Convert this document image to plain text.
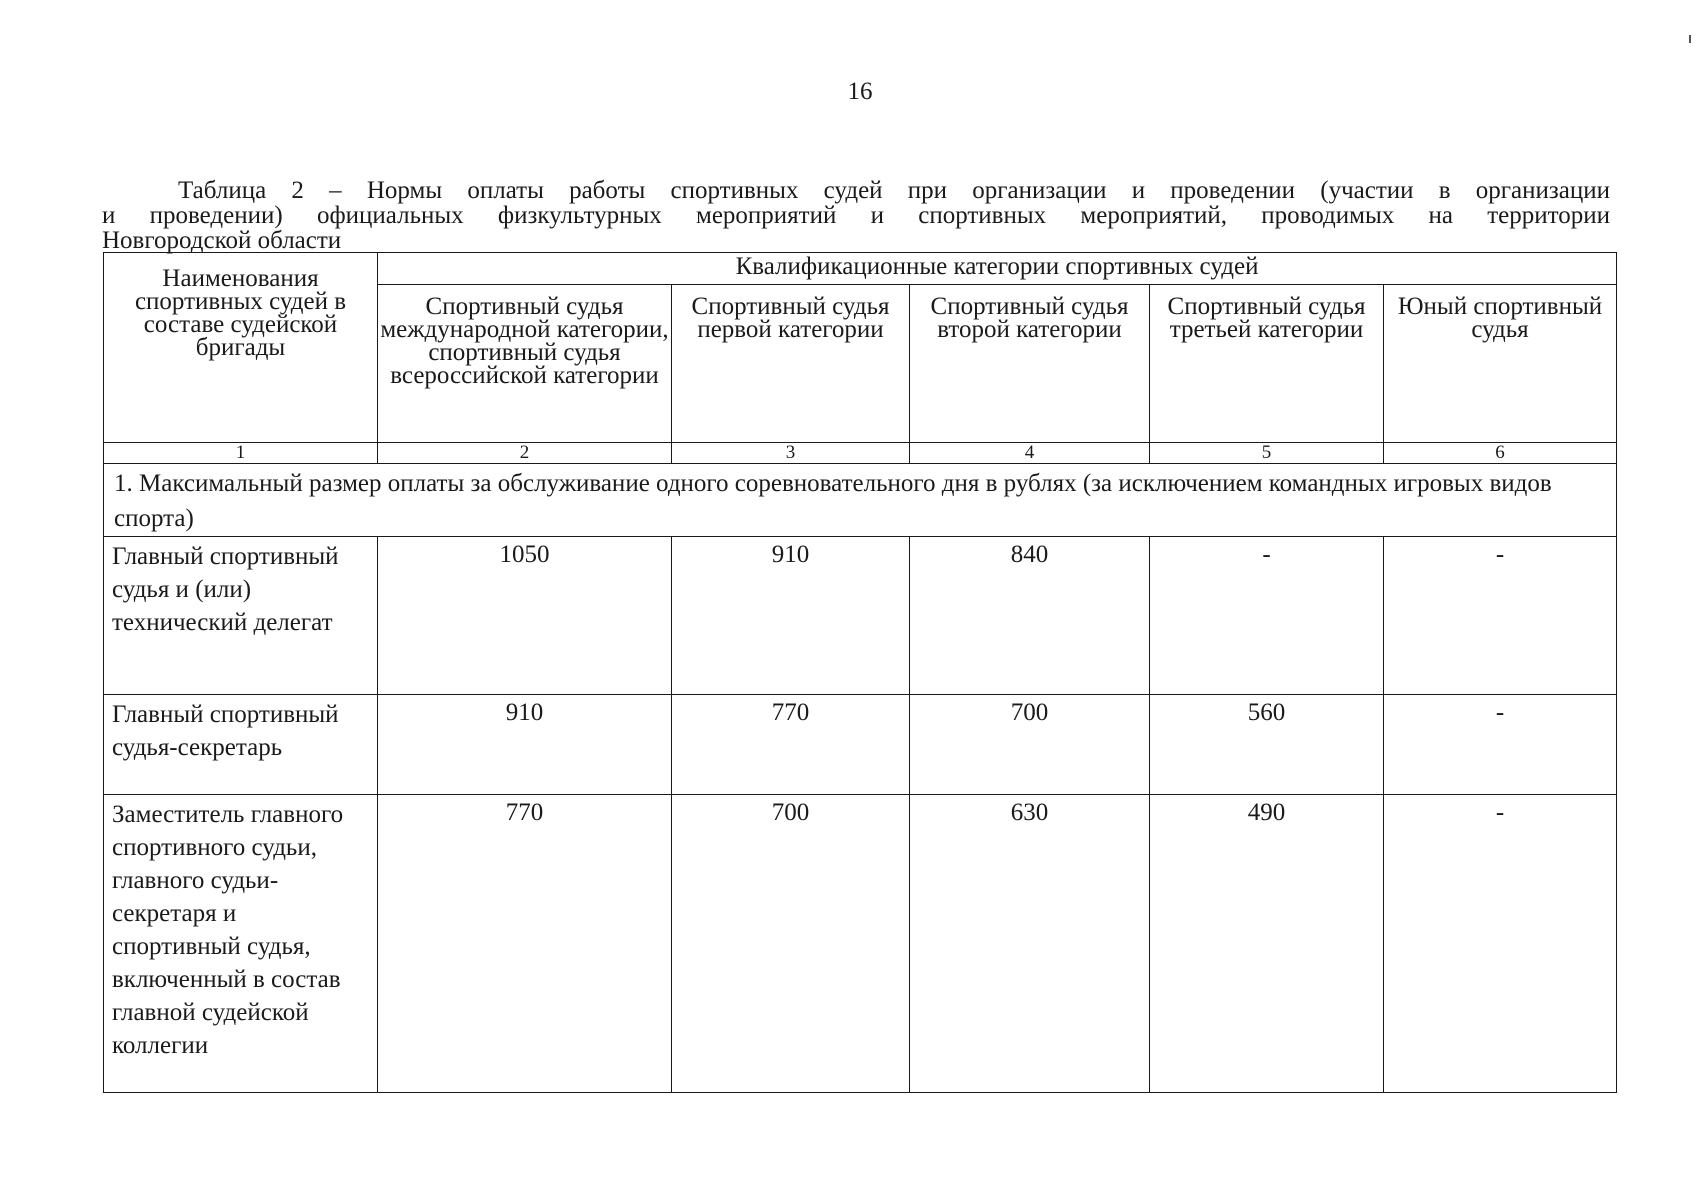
16
Таблица 2 – Нормы оплаты работы спортивных судей при организации и проведении (участии в организации
и проведении) официальных физкультурных мероприятий и спортивных мероприятий, проводимых на территории
Новгородской области
Наименования спортивных судей в составе судейской бригады	Квалификационные категории спортивных судей				
	Спортивный судья международной категории, спортивный судья всероссийской категории	Спортивный судья первой категории	Спортивный судья второй категории	Спортивный судья третьей категории	Юный спортивный судья
1	2	3	4	5	6
1. Максимальный размер оплаты за обслуживание одного соревновательного дня в рублях (за исключением командных игровых видов спорта)					
Главный спортивный судья и (или) технический делегат	1050	910	840	-	-
Главный спортивный судья-секретарь	910	770	700	560	-
Заместитель главного спортивного судьи, главного судьи-секретаря и спортивный судья, включенный в состав главной судейской коллегии	770	700	630	490	-
